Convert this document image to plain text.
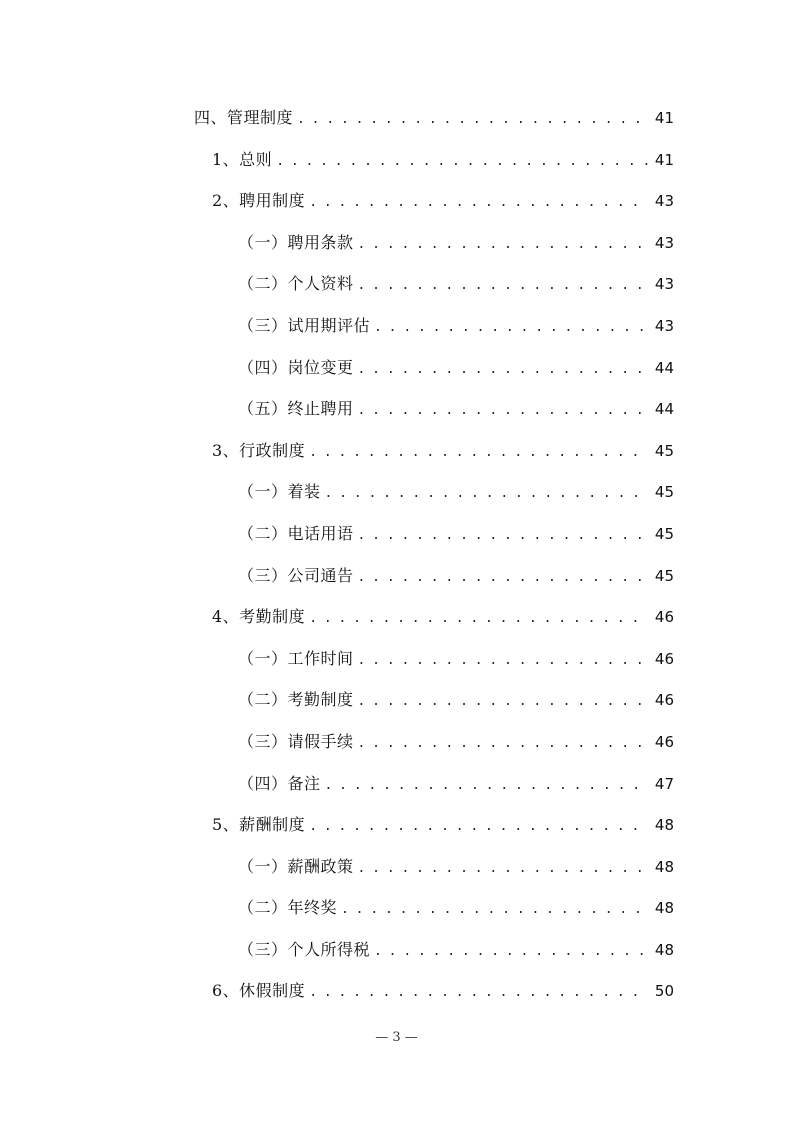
四、管理制度 . . .	41
1、总则 . . .	41
2、聘用制度 . . .	43
（一）聘用条款 . . .	43
（二）个人资料 . . .	43
（三）试用期评估 . . .	43
（四）岗位变更 . . .	44
（五）终止聘用 . . .	44
3、行政制度 . . .	45
（一）着装 . . .	45
（二）电话用语 . . .	45
（三）公司通告 . . .	45
4、考勤制度 . . .	46
（一）工作时间 . . .	46
（二）考勤制度 . . .	46
（三）请假手续 . . .	46
（四）备注 . . .	47
5、薪酬制度 . . .	48
（一）薪酬政策 . . .	48
（二）年终奖 . . .	48
（三）个人所得税 . . .	48
6、休假制度 . . .	50
— 3 —
